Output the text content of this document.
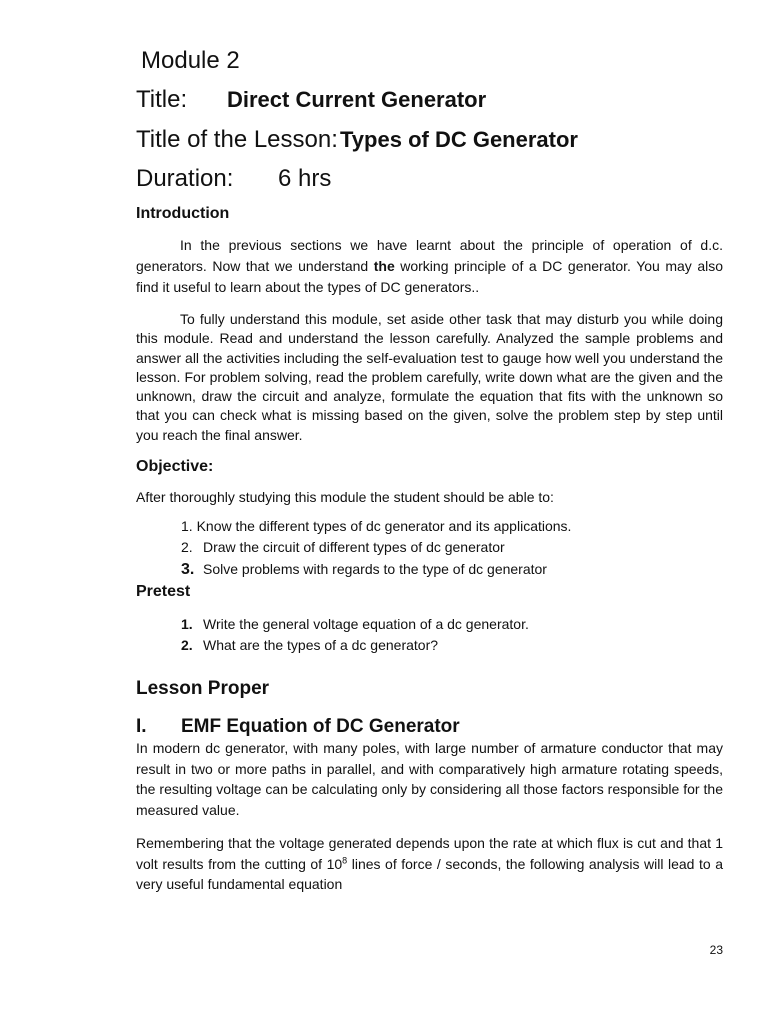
Module 2
Title: Direct Current Generator
Title of the Lesson:Types of DC Generator
Duration: 6 hrs
Introduction
In the previous sections we have learnt about the principle of operation of d.c. generators. Now that we understand the working principle of a DC generator. You may also find it useful to learn about the types of DC generators..
To fully understand this module, set aside other task that may disturb you while doing this module. Read and understand the lesson carefully. Analyzed the sample problems and answer all the activities including the self-evaluation test to gauge how well you understand the lesson. For problem solving, read the problem carefully, write down what are the given and the unknown, draw the circuit and analyze, formulate the equation that fits with the unknown so that you can check what is missing based on the given, solve the problem step by step until you reach the final answer.
Objective:
After thoroughly studying this module the student should be able to:
1. Know the different types of dc generator and its applications.
2. Draw the circuit of different types of dc generator
3. Solve problems with regards to the type of dc generator
Pretest
1. Write the general voltage equation of a dc generator.
2. What are the types of a dc generator?
Lesson Proper
I. EMF Equation of DC Generator
In modern dc generator, with many poles, with large number of armature conductor that may result in two or more paths in parallel, and with comparatively high armature rotating speeds, the resulting voltage can be calculating only by considering all those factors responsible for the measured value.
Remembering that the voltage generated depends upon the rate at which flux is cut and that 1 volt results from the cutting of $10^8$ lines of force / seconds, the following analysis will lead to a very useful fundamental equation
23
